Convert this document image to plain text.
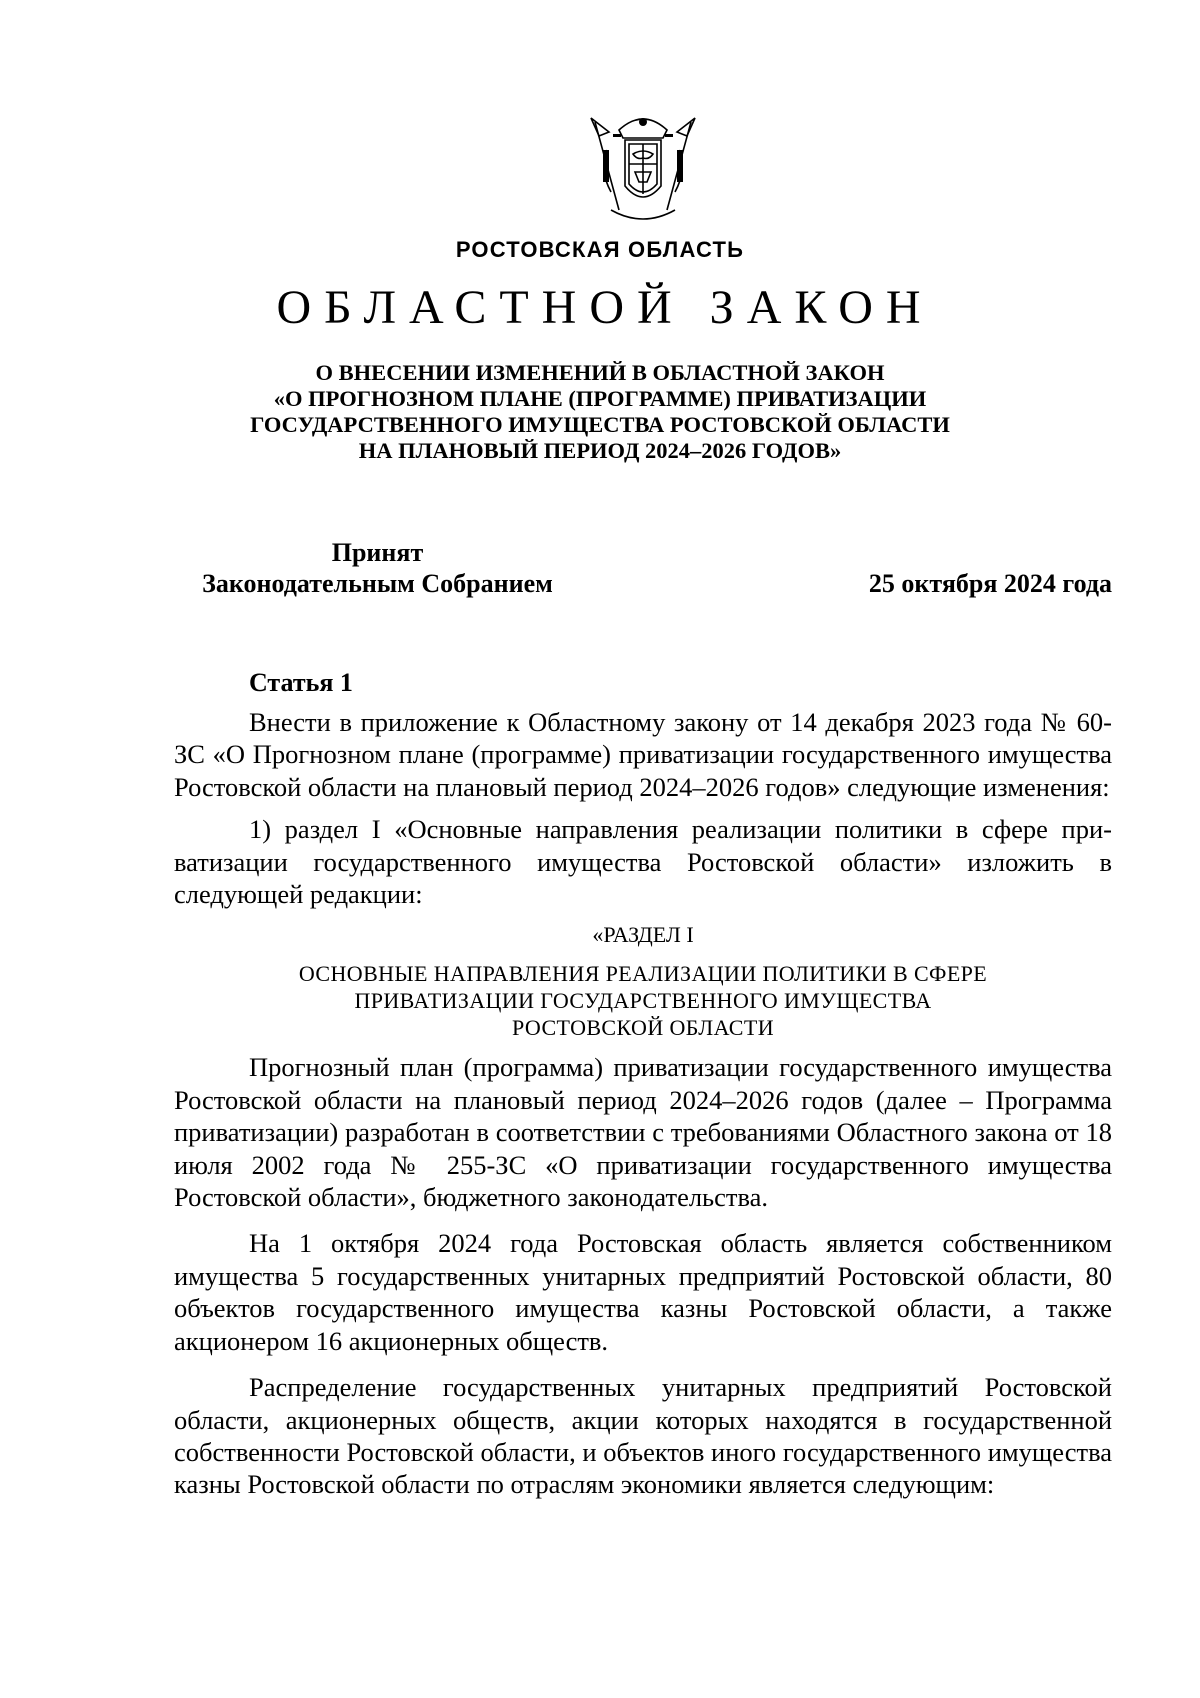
РОСТОВСКАЯ ОБЛАСТЬ
ОБЛАСТНОЙ ЗАКОН
О ВНЕСЕНИИ ИЗМЕНЕНИЙ В ОБЛАСТНОЙ ЗАКОН
«О ПРОГНОЗНОМ ПЛАНЕ (ПРОГРАММЕ) ПРИВАТИЗАЦИИ
ГОСУДАРСТВЕННОГО ИМУЩЕСТВА РОСТОВСКОЙ ОБЛАСТИ
НА ПЛАНОВЫЙ ПЕРИОД 2024–2026 ГОДОВ»
Принят
Законодательным Собранием	25 октября 2024 года
Статья 1

Внести в приложение к Областному закону от 14 декабря 2023 года № 60-ЗС «О Прогнозном плане (программе) приватизации государственного имущества Ростовской области на плановый период 2024–2026 годов» следующие изменения:

1) раздел I «Основные направления реализации политики в сфере приватизации государственного имущества Ростовской области» изложить в следующей редакции:

«РАЗДЕЛ I

ОСНОВНЫЕ НАПРАВЛЕНИЯ РЕАЛИЗАЦИИ ПОЛИТИКИ В СФЕРЕ
ПРИВАТИЗАЦИИ ГОСУДАРСТВЕННОГО ИМУЩЕСТВА
РОСТОВСКОЙ ОБЛАСТИ

Прогнозный план (программа) приватизации государственного имущества Ростовской области на плановый период 2024–2026 годов (далее – Программа приватизации) разработан в соответствии с требованиями Областного закона от 18 июля 2002 года № 255-ЗС «О приватизации государственного имущества Ростовской области», бюджетного законодательства.

На 1 октября 2024 года Ростовская область является собственником имущества 5 государственных унитарных предприятий Ростовской области, 80 объектов государственного имущества казны Ростовской области, а также акционером 16 акционерных обществ.

Распределение государственных унитарных предприятий Ростовской области, акционерных обществ, акции которых находятся в государственной собственности Ростовской области, и объектов иного государственного имущества казны Ростовской области по отраслям экономики является следующим:
